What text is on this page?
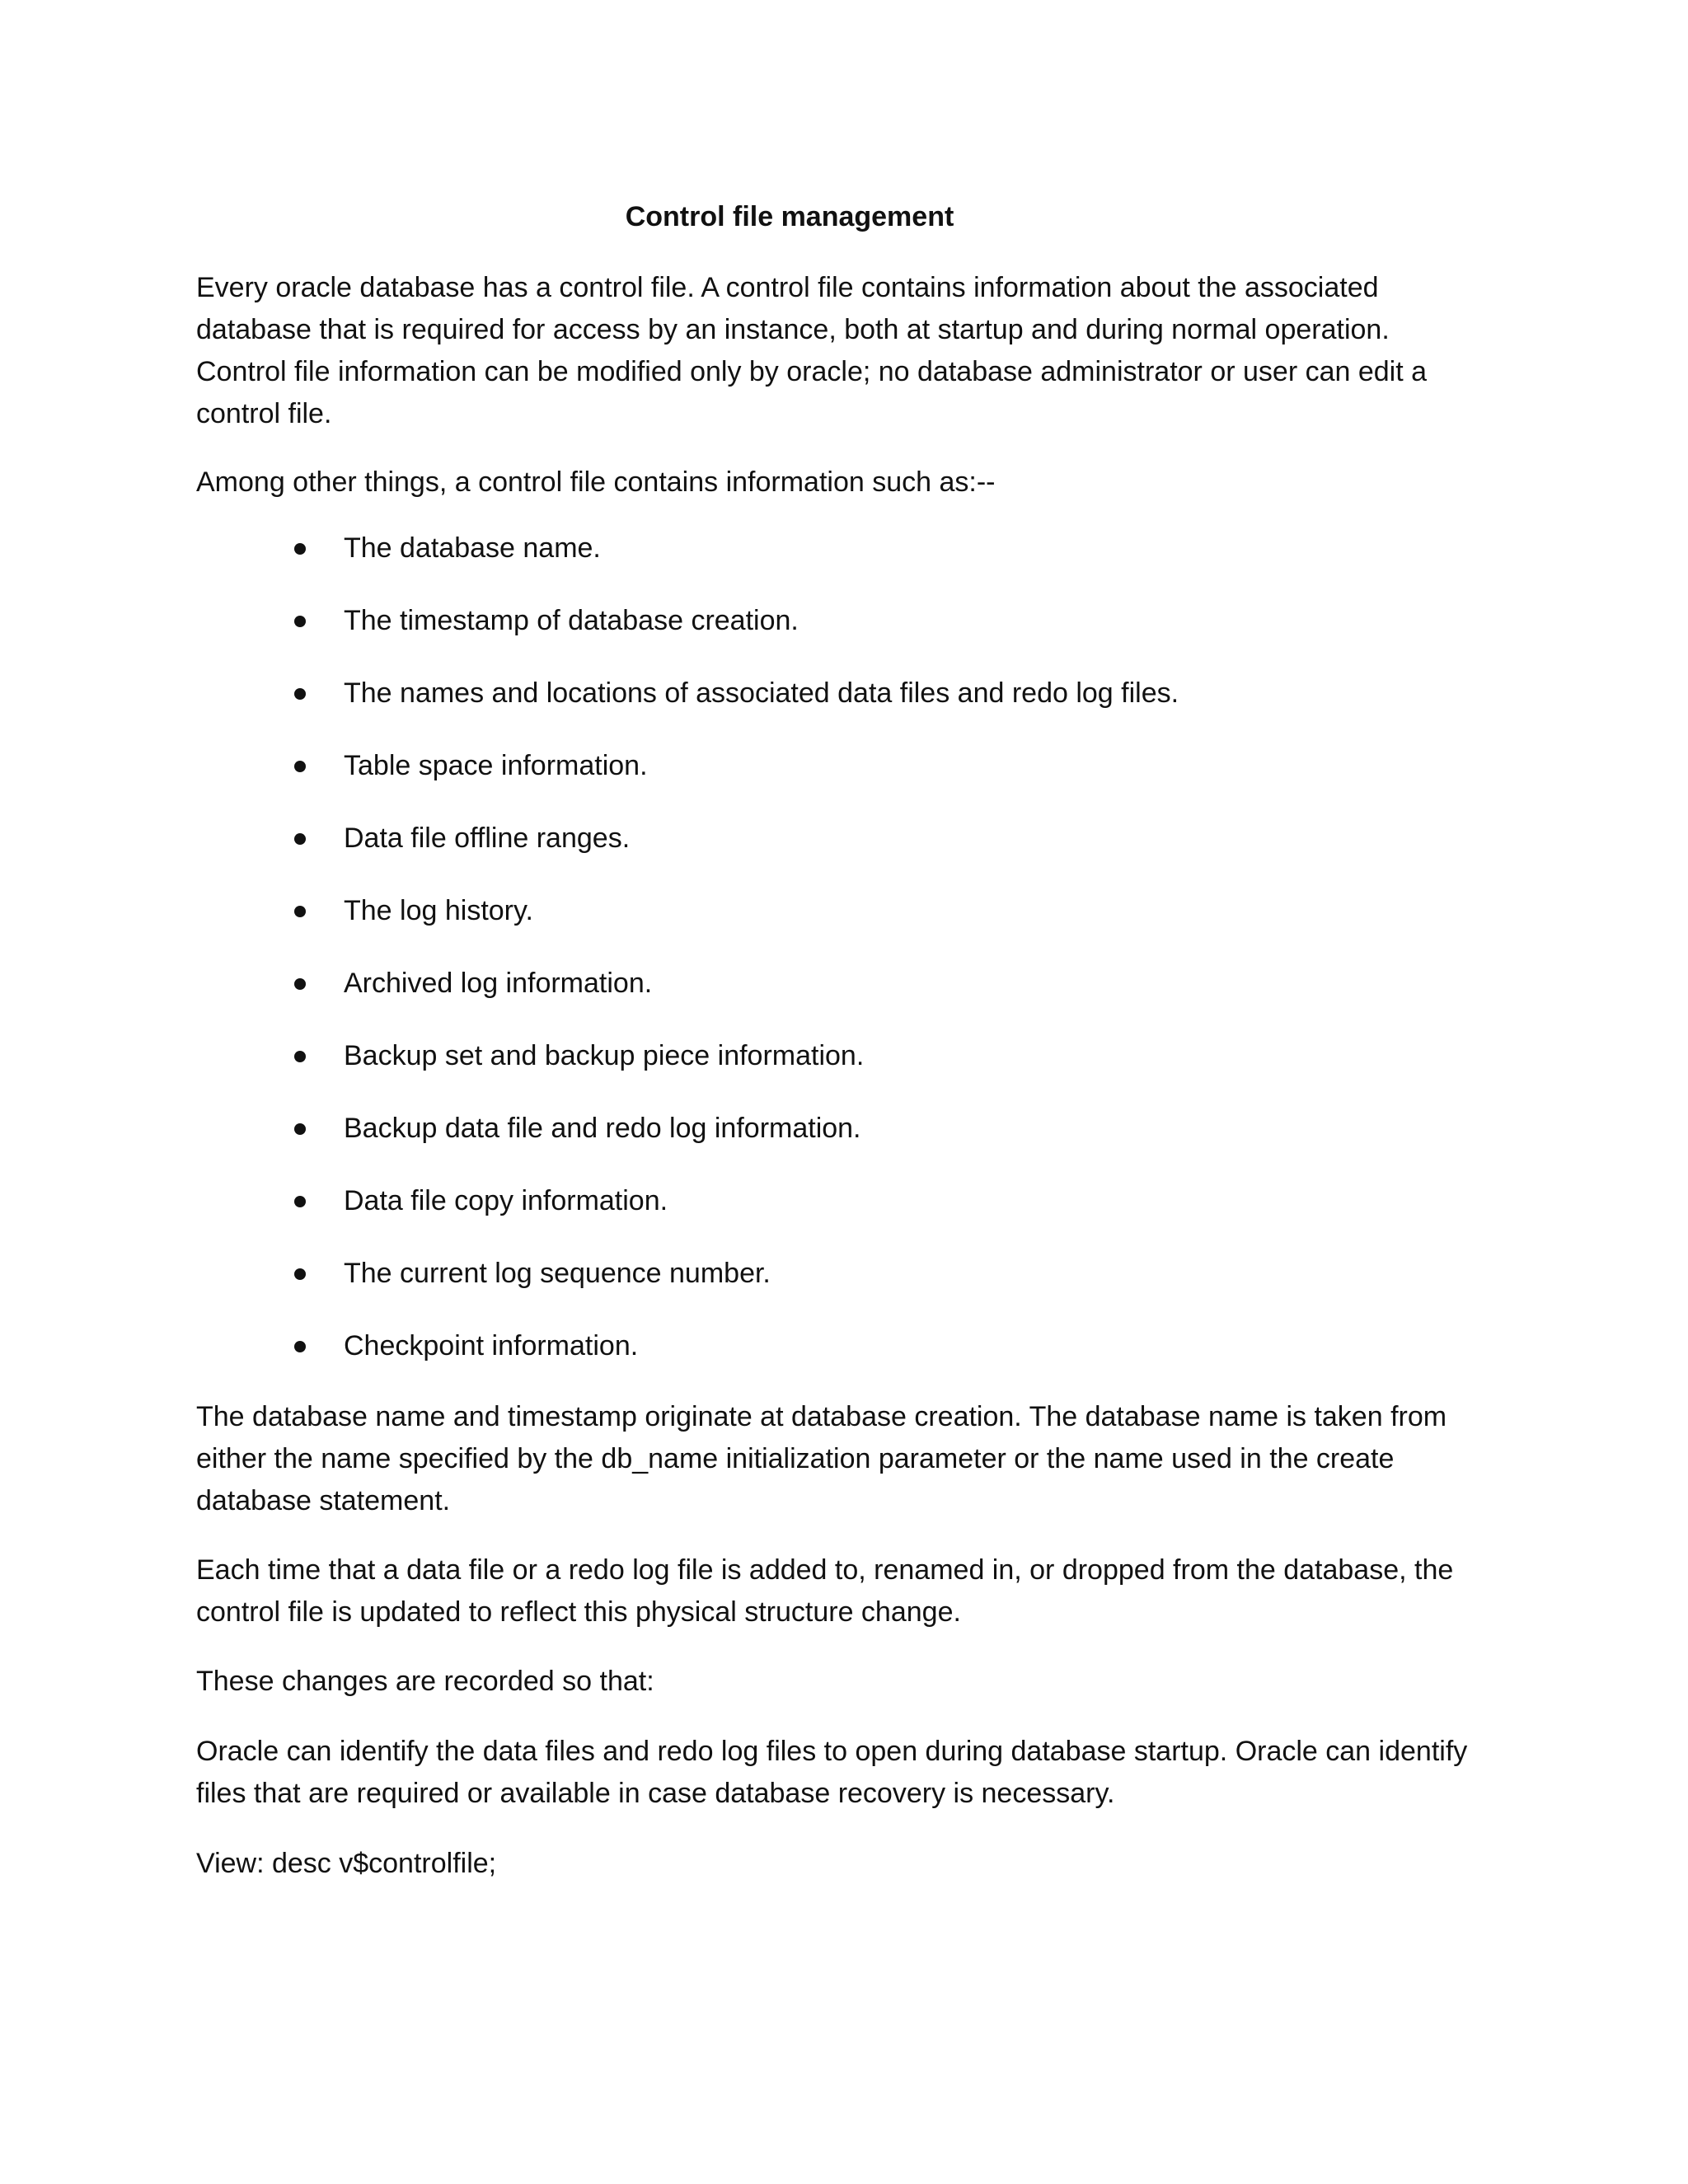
Control file management

Every oracle database has a control file. A control file contains information about the associated database that is required for access by an instance, both at startup and during normal operation. Control file information can be modified only by oracle; no database administrator or user can edit a control file.

Among other things, a control file contains information such as:--

The database name.
The timestamp of database creation.
The names and locations of associated data files and redo log files.
Table space information.
Data file offline ranges.
The log history.
Archived log information.
Backup set and backup piece information.
Backup data file and redo log information.
Data file copy information.
The current log sequence number.
Checkpoint information.

The database name and timestamp originate at database creation. The database name is taken from either the name specified by the db_name initialization parameter or the name used in the create database statement.

Each time that a data file or a redo log file is added to, renamed in, or dropped from the database, the control file is updated to reflect this physical structure change.

These changes are recorded so that:

Oracle can identify the data files and redo log files to open during database startup. Oracle can identify files that are required or available in case database recovery is necessary.

View: desc v$controlfile;
